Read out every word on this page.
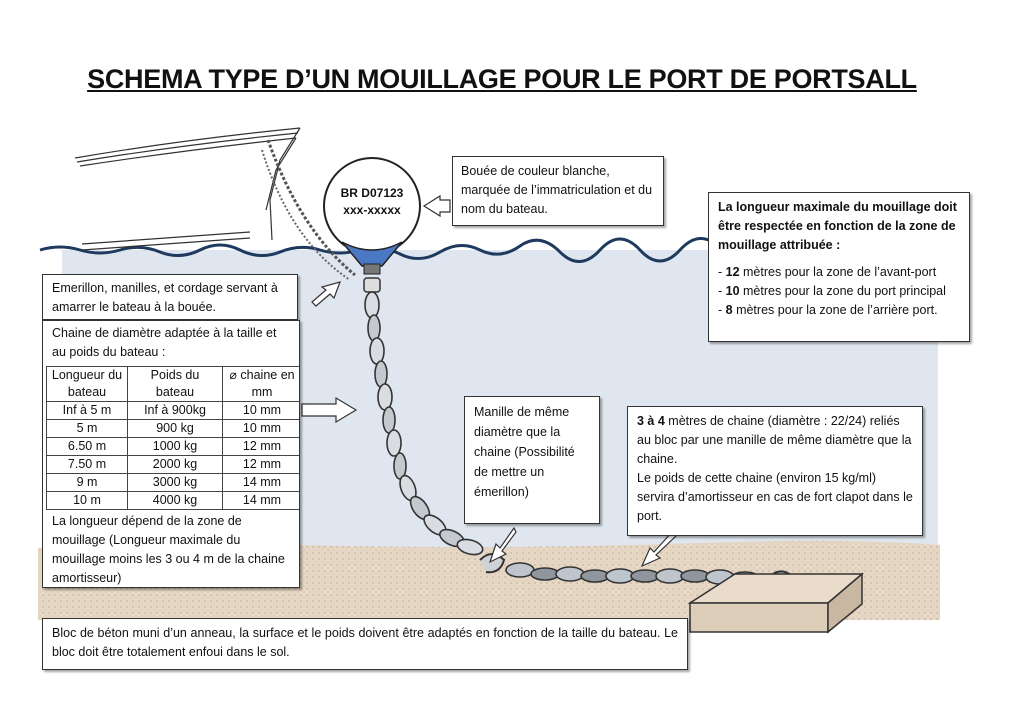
SCHEMA TYPE D’UN MOUILLAGE POUR LE PORT DE PORTSALL
BR D07123
xxx-xxxxx

Bouée de couleur blanche, marquée de l’immatriculation et du nom du bateau.	La longueur maximale du mouillage doit être respectée en fonction de la zone de mouillage attribuée :

- 12 mètres pour la zone de l’avant-port
- 10 mètres pour la zone du port principal
- 8 mètres pour la zone de l’arrière port.

Emerillon, manilles, et cordage servant à amarrer le bateau à la bouée.

Chaine de diamètre adaptée à la taille et au poids du bateau :

Longueur du bateau	Poids du bateau	⌀ chaine en mm
Inf à 5 m	Inf à 900kg	10 mm
5 m	900 kg	10 mm
6.50 m	1000 kg	12 mm
7.50 m	2000 kg	12 mm
9 m	3000 kg	14 mm
10 m	4000 kg	14 mm

La longueur dépend de la zone de mouillage (Longueur maximale du mouillage moins les 3 ou 4 m de la chaine amortisseur)

Manille de même diamètre que la chaine (Possibilité de mettre un émerillon)

3 à 4 mètres de chaine (diamètre : 22/24) reliés au bloc par une manille de même diamètre que la chaine.

Le poids de cette chaine (environ 15 kg/ml) servira d’amortisseur en cas de fort clapot dans le port.

Bloc de béton muni d’un anneau, la surface et le poids doivent être adaptés en fonction de la taille du bateau. Le bloc doit être totalement enfoui dans le sol.
